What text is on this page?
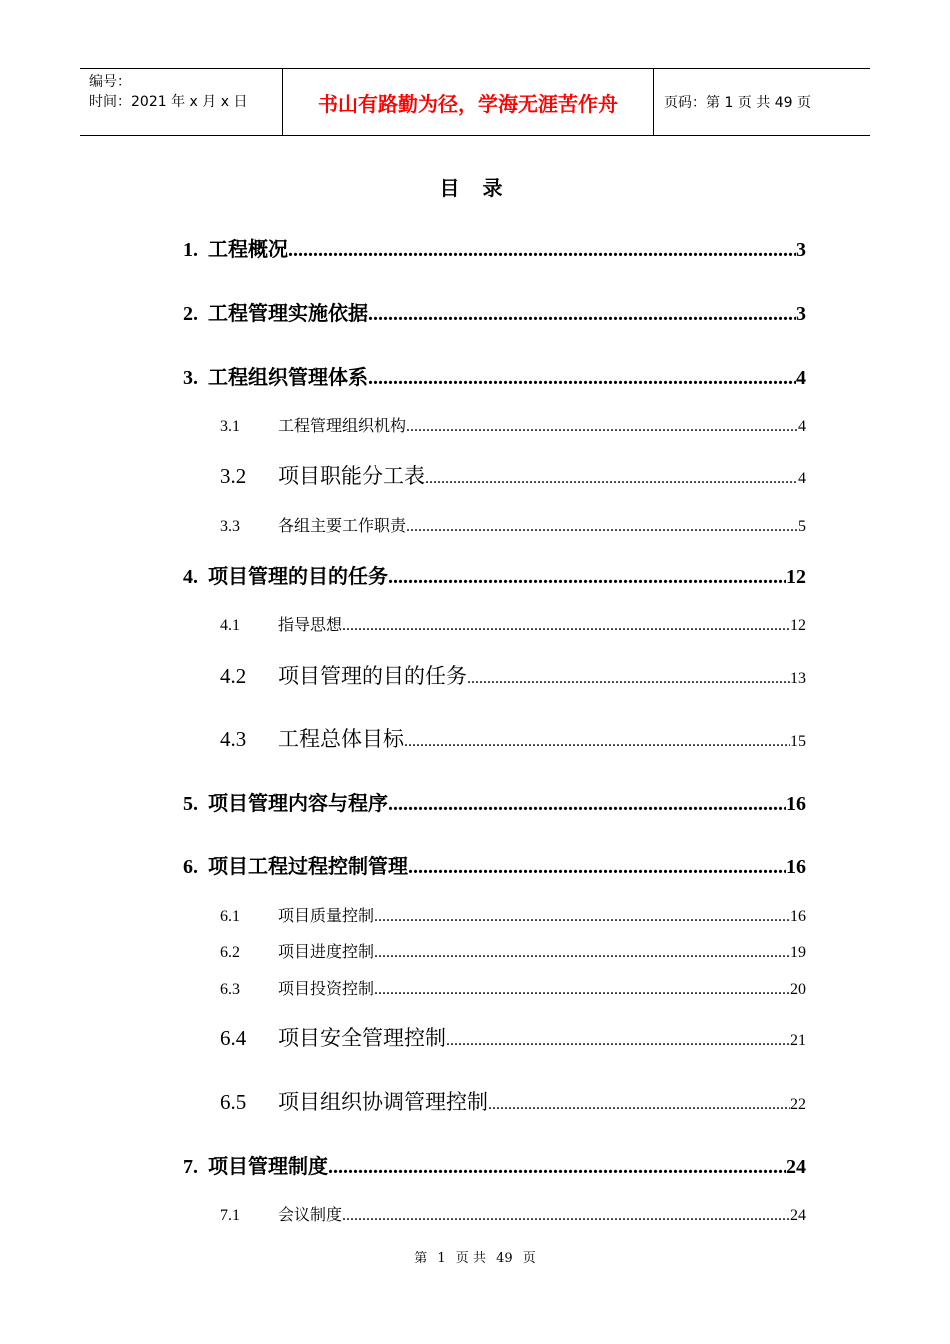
编号：
时间：2021 年 x 月 x 日	书山有路勤为径，学海无涯苦作舟	页码：第 1 页 共 49 页
目 录
1. 工程概况 .....	3
2. 工程管理实施依据 .....	3
3. 工程组织管理体系 .....	4
3.1	工程管理组织机构 .....	4
3.2	项目职能分工表 .....	4
3.3	各组主要工作职责 .....	5
4. 项目管理的目的任务 .....	12
4.1	指导思想 .....	12
4.2	项目管理的目的任务 .....	13
4.3	工程总体目标 .....	15
5. 项目管理内容与程序 .....	16
6. 项目工程过程控制管理 .....	16
6.1	项目质量控制 .....	16
6.2	项目进度控制 .....	19
6.3	项目投资控制 .....	20
6.4	项目安全管理控制 .....	21
6.5	项目组织协调管理控制 .....	22
7. 项目管理制度 .....	24
7.1	会议制度 .....	24
第 1 页 共 49 页
